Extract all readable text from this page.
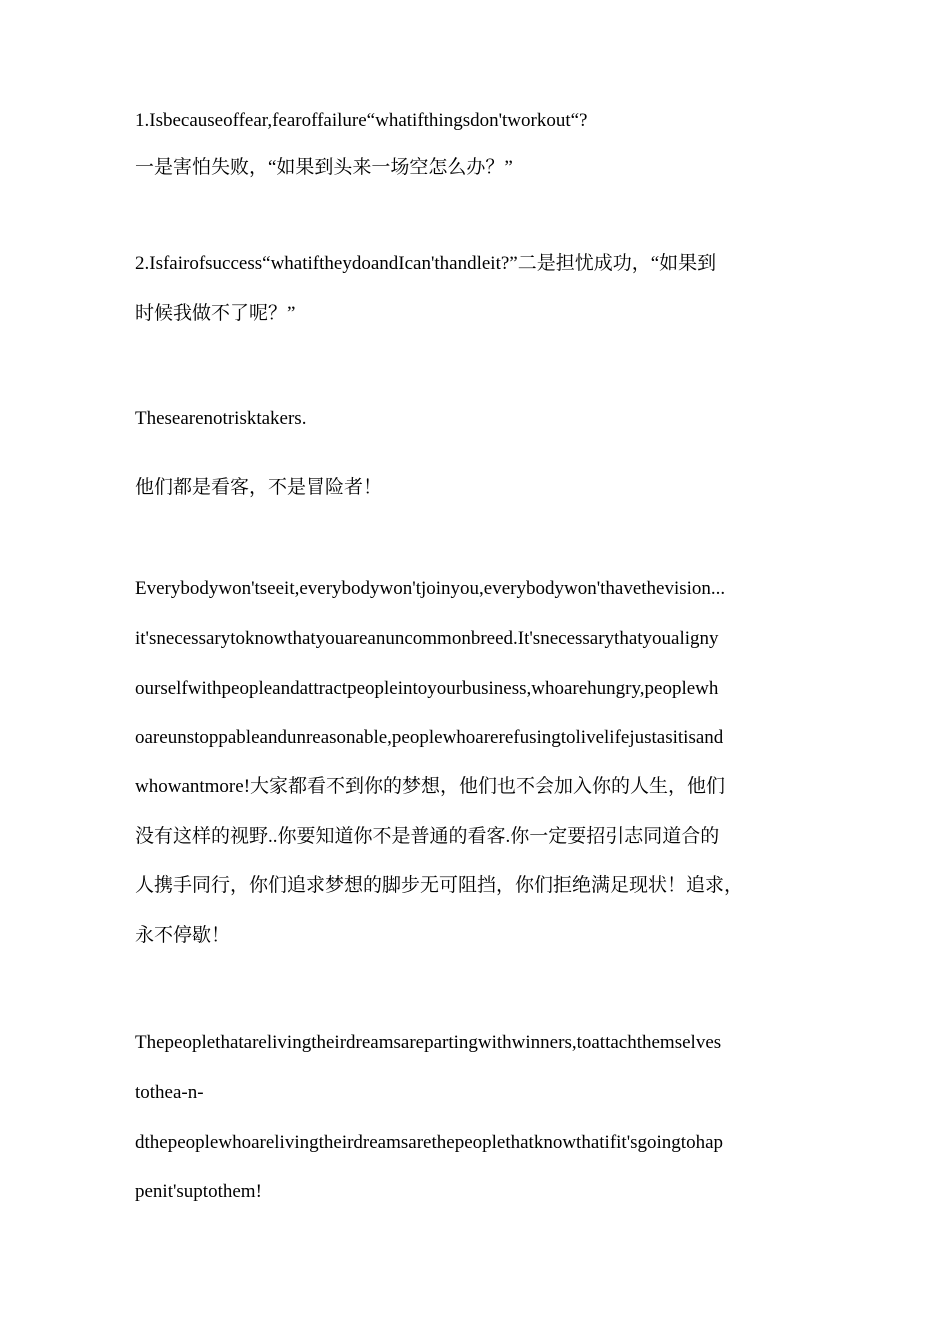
1.Isbecauseoffear,fearoffailure“whatifthingsdon'tworkout“?
一是害怕失败，“如果到头来一场空怎么办？”
2.Isfairofsuccess“whatiftheydoandIcan'thandleit?”二是担忧成功，“如果到
时候我做不了呢？”
Thesearenotrisktakers.
他们都是看客，不是冒险者！
Everybodywon'tseeit,everybodywon'tjoinyou,everybodywon'thavethevision...
it'snecessarytoknowthatyouareanuncommonbreed.It'snecessarythatyoualigny
ourselfwithpeopleandattractpeopleintoyourbusiness,whoarehungry,peoplewh
oareunstoppableandunreasonable,peoplewhoarerefusingtolivelifejustasitisand
whowantmore!大家都看不到你的梦想，他们也不会加入你的人生，他们
没有这样的视野..你要知道你不是普通的看客.你一定要招引志同道合的
人携手同行，你们追求梦想的脚步无可阻挡，你们拒绝满足现状！追求，
永不停歇！
Thepeoplethatarelivingtheirdreamsarepartingwithwinners,toattachthemselves
tothea-n-
dthepeoplewhoarelivingtheirdreamsarethepeoplethatknowthatifit'sgoingtohap
penit'suptothem!
